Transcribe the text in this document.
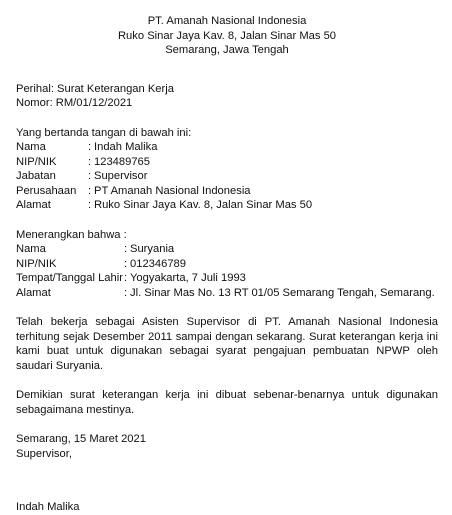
PT. Amanah Nasional Indonesia
Ruko Sinar Jaya Kav. 8, Jalan Sinar Mas 50
Semarang, Jawa Tengah
Perihal: Surat Keterangan Kerja
Nomor: RM/01/12/2021
Yang bertanda tangan di bawah ini:
Nama	: Indah Malika
NIP/NIK	: 123489765
Jabatan	: Supervisor
Perusahaan	: PT Amanah Nasional Indonesia
Alamat	: Ruko Sinar Jaya Kav. 8, Jalan Sinar Mas 50
Menerangkan bahwa :
Nama	: Suryania
NIP/NIK	: 012346789
Tempat/Tanggal Lahir : Yogyakarta, 7 Juli 1993
Alamat	: Jl. Sinar Mas No. 13 RT 01/05 Semarang Tengah, Semarang.
Telah bekerja sebagai Asisten Supervisor di PT. Amanah Nasional Indonesia terhitung sejak Desember 2011 sampai dengan sekarang. Surat keterangan kerja ini kami buat untuk digunakan sebagai syarat pengajuan pembuatan NPWP oleh saudari Suryania.
Demikian surat keterangan kerja ini dibuat sebenar-benarnya untuk digunakan sebagaimana mestinya.
Semarang, 15 Maret 2021
Supervisor,
Indah Malika
